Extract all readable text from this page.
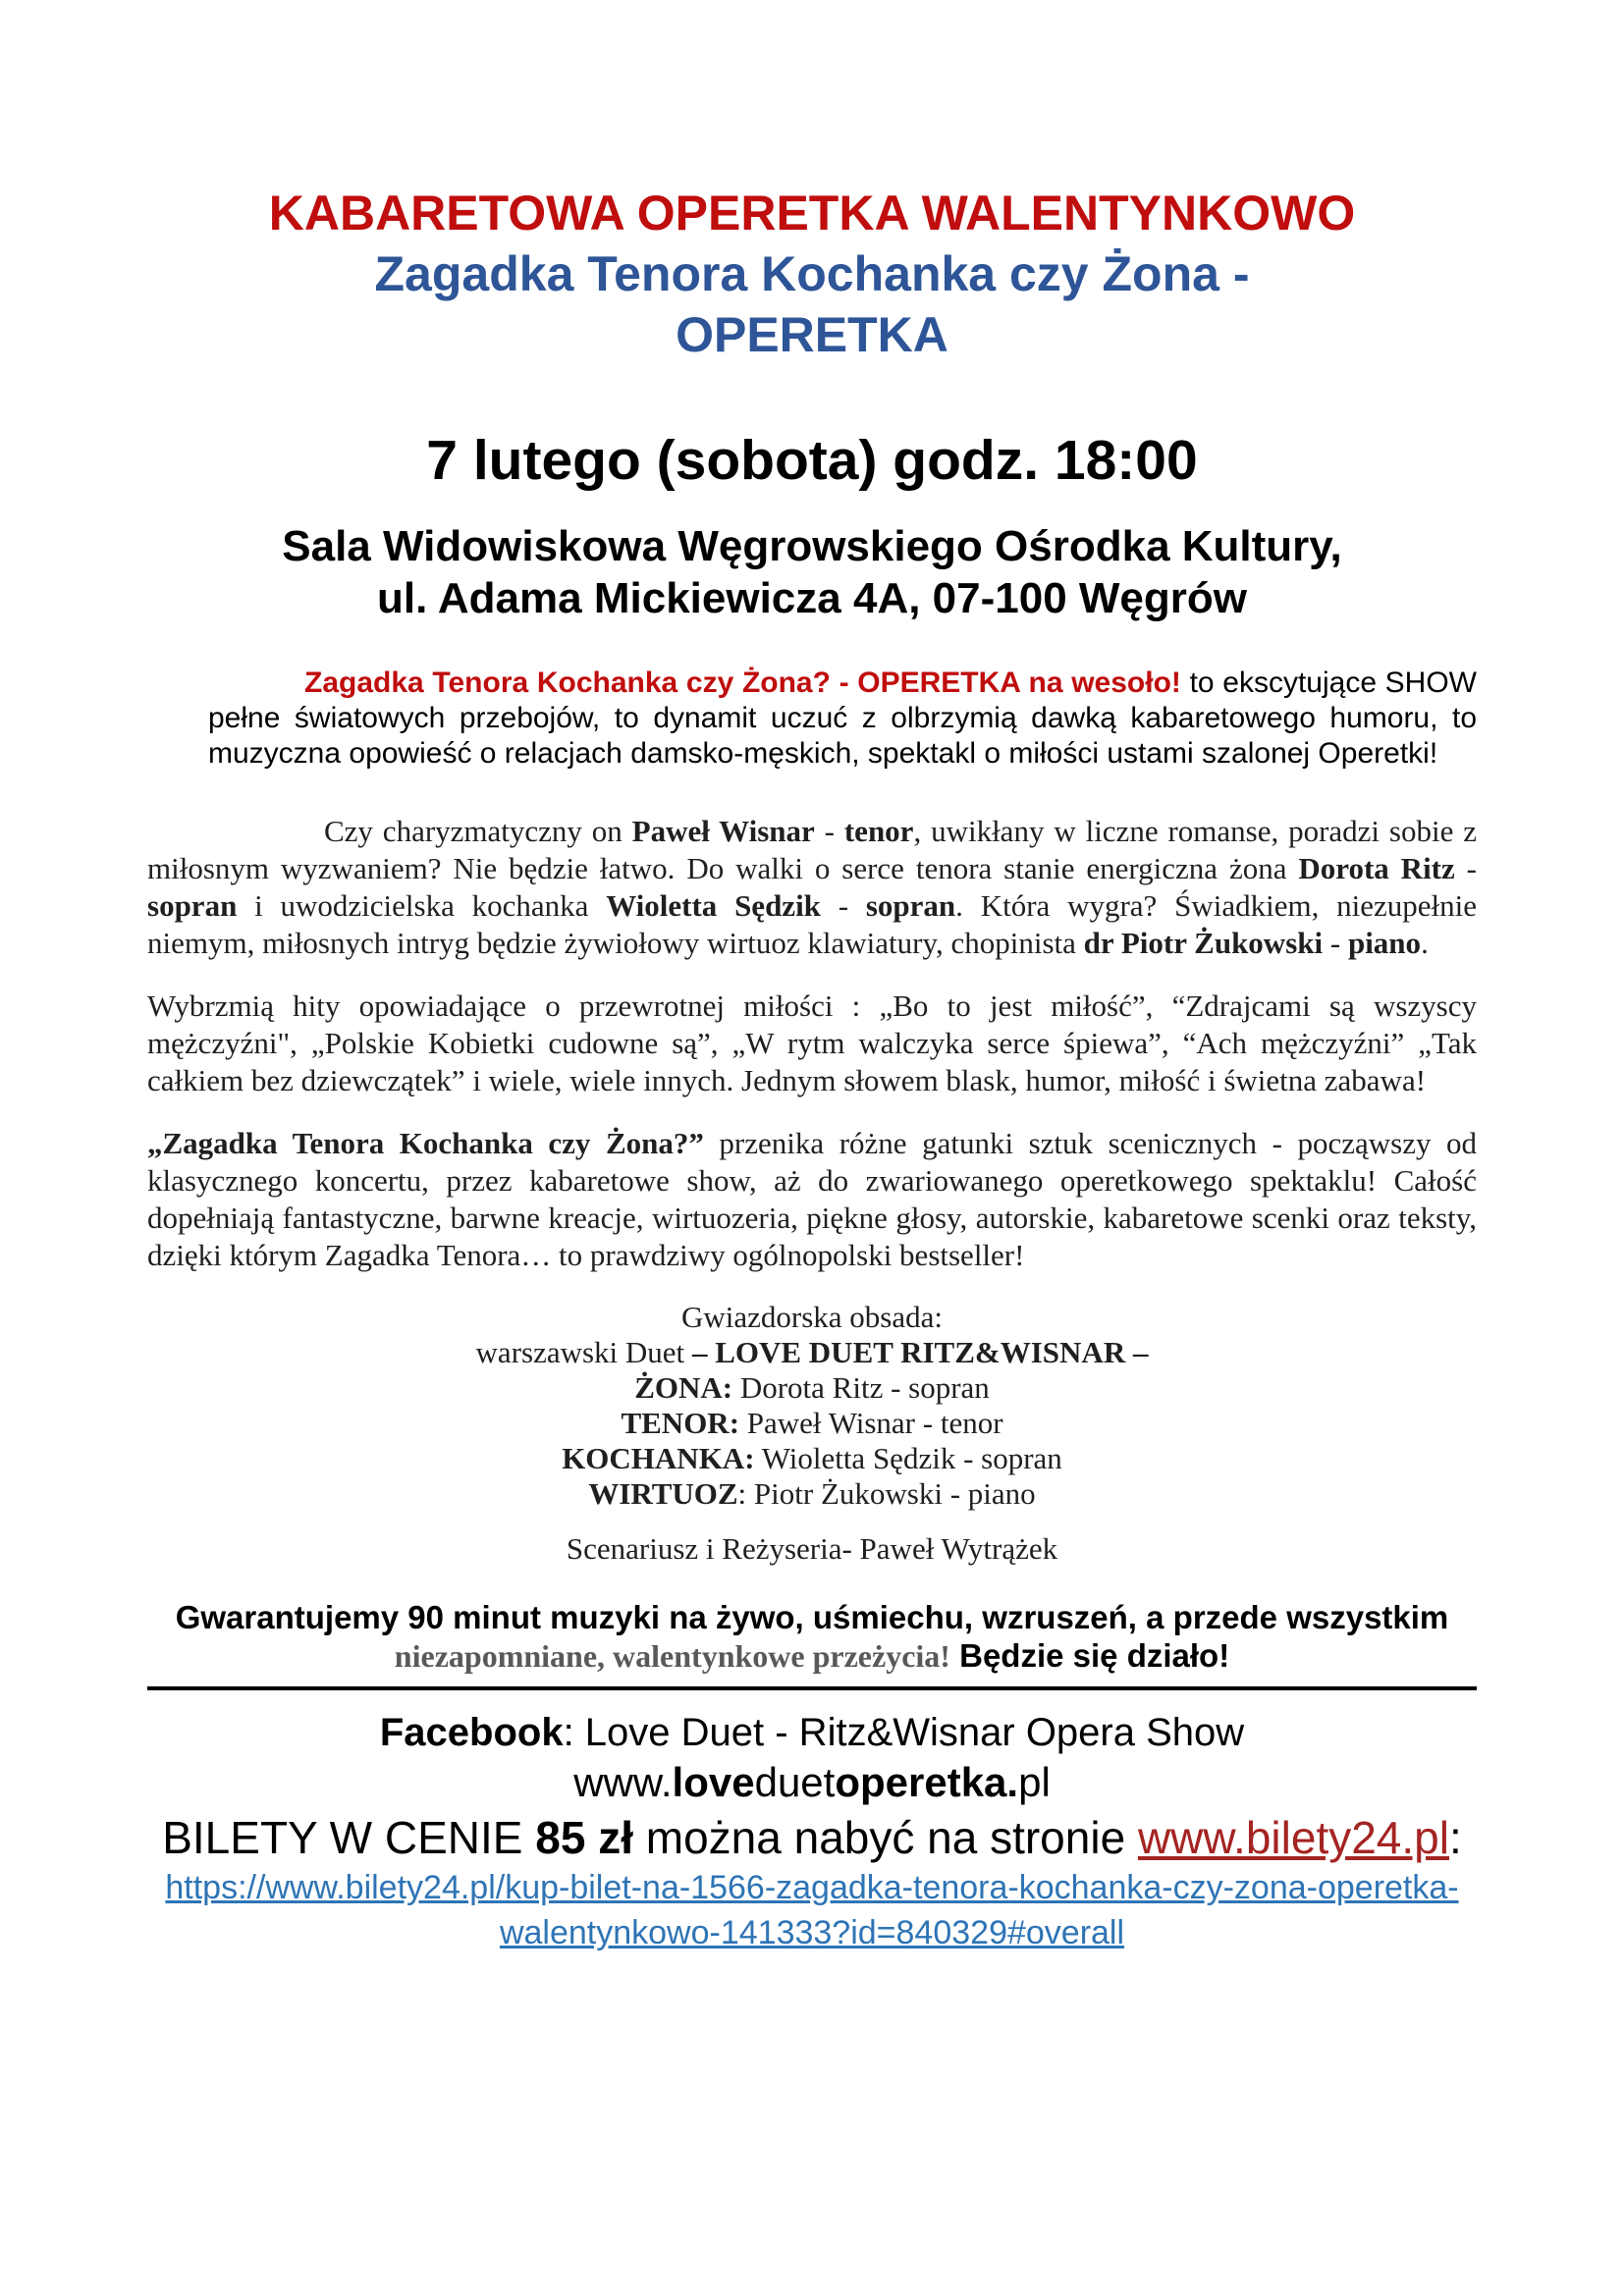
KABARETOWA OPERETKA WALENTYNKOWO
Zagadka Tenora Kochanka czy Żona -
OPERETKA
7 lutego (sobota) godz. 18:00
Sala Widowiskowa Węgrowskiego Ośrodka Kultury,
ul. Adama Mickiewicza 4A, 07-100 Węgrów
Zagadka Tenora Kochanka czy Żona? - OPERETKA na wesoło! to ekscytujące SHOW pełne światowych przebojów, to dynamit uczuć z olbrzymią dawką kabaretowego humoru, to muzyczna opowieść o relacjach damsko-męskich, spektakl o miłości ustami szalonej Operetki!
Czy charyzmatyczny on Paweł Wisnar - tenor, uwikłany w liczne romanse, poradzi sobie z miłosnym wyzwaniem? Nie będzie łatwo. Do walki o serce tenora stanie energiczna żona Dorota Ritz - sopran i uwodzicielska kochanka Wioletta Sędzik - sopran. Która wygra? Świadkiem, niezupełnie niemym, miłosnych intryg będzie żywiołowy wirtuoz klawiatury, chopinista dr Piotr Żukowski - piano.
Wybrzmią hity opowiadające o przewrotnej miłości : „Bo to jest miłość”, “Zdrajcami są wszyscy mężczyźni", „Polskie Kobietki cudowne są”, „W rytm walczyka serce śpiewa”, “Ach mężczyźni” „Tak całkiem bez dziewczątek” i wiele, wiele innych. Jednym słowem blask, humor, miłość i świetna zabawa!
„Zagadka Tenora Kochanka czy Żona?” przenika różne gatunki sztuk scenicznych - począwszy od klasycznego koncertu, przez kabaretowe show, aż do zwariowanego operetkowego spektaklu! Całość dopełniają fantastyczne, barwne kreacje, wirtuozeria, piękne głosy, autorskie, kabaretowe scenki oraz teksty, dzięki którym Zagadka Tenora… to prawdziwy ogólnopolski bestseller!
Gwiazdorska obsada:
warszawski Duet – LOVE DUET RITZ&WISNAR –
ŻONA: Dorota Ritz - sopran
TENOR: Paweł Wisnar - tenor
KOCHANKA: Wioletta Sędzik - sopran
WIRTUOZ: Piotr Żukowski - piano
Scenariusz i Reżyseria- Paweł Wytrążek
Gwarantujemy 90 minut muzyki na żywo, uśmiechu, wzruszeń, a przede wszystkim
niezapomniane, walentynkowe przeżycia! Będzie się działo!
Facebook: Love Duet - Ritz&Wisnar Opera Show
www.loveduetoperetka.pl
BILETY W CENIE 85 zł można nabyć na stronie www.bilety24.pl:
https://www.bilety24.pl/kup-bilet-na-1566-zagadka-tenora-kochanka-czy-zona-operetka-
walentynkowo-141333?id=840329#overall
